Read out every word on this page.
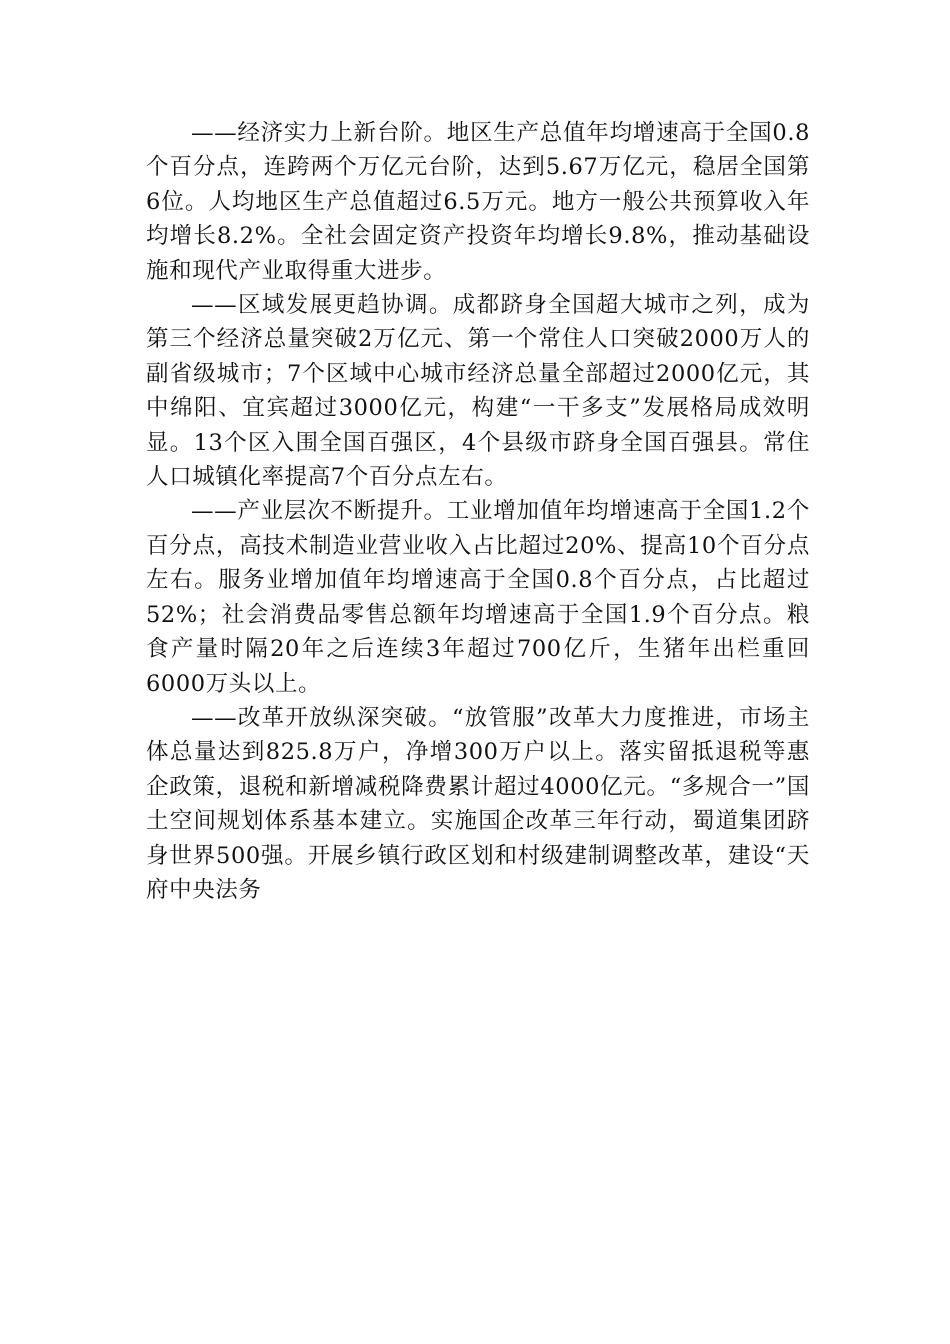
——经济实力上新台阶。地区生产总值年均增速高于全国0.8个百分点，连跨两个万亿元台阶，达到5.67万亿元，稳居全国第6位。人均地区生产总值超过6.5万元。地方一般公共预算收入年均增长8.2%。全社会固定资产投资年均增长9.8%，推动基础设施和现代产业取得重大进步。

——区域发展更趋协调。成都跻身全国超大城市之列，成为第三个经济总量突破2万亿元、第一个常住人口突破2000万人的副省级城市；7个区域中心城市经济总量全部超过2000亿元，其中绵阳、宜宾超过3000亿元，构建“一干多支”发展格局成效明显。13个区入围全国百强区，4个县级市跻身全国百强县。常住人口城镇化率提高7个百分点左右。

——产业层次不断提升。工业增加值年均增速高于全国1.2个百分点，高技术制造业营业收入占比超过20%、提高10个百分点左右。服务业增加值年均增速高于全国0.8个百分点，占比超过52%；社会消费品零售总额年均增速高于全国1.9个百分点。粮食产量时隔20年之后连续3年超过700亿斤，生猪年出栏重回6000万头以上。

——改革开放纵深突破。“放管服”改革大力度推进，市场主体总量达到825.8万户，净增300万户以上。落实留抵退税等惠企政策，退税和新增减税降费累计超过4000亿元。“多规合一”国土空间规划体系基本建立。实施国企改革三年行动，蜀道集团跻身世界500强。开展乡镇行政区划和村级建制调整改革，建设“天府中央法务
